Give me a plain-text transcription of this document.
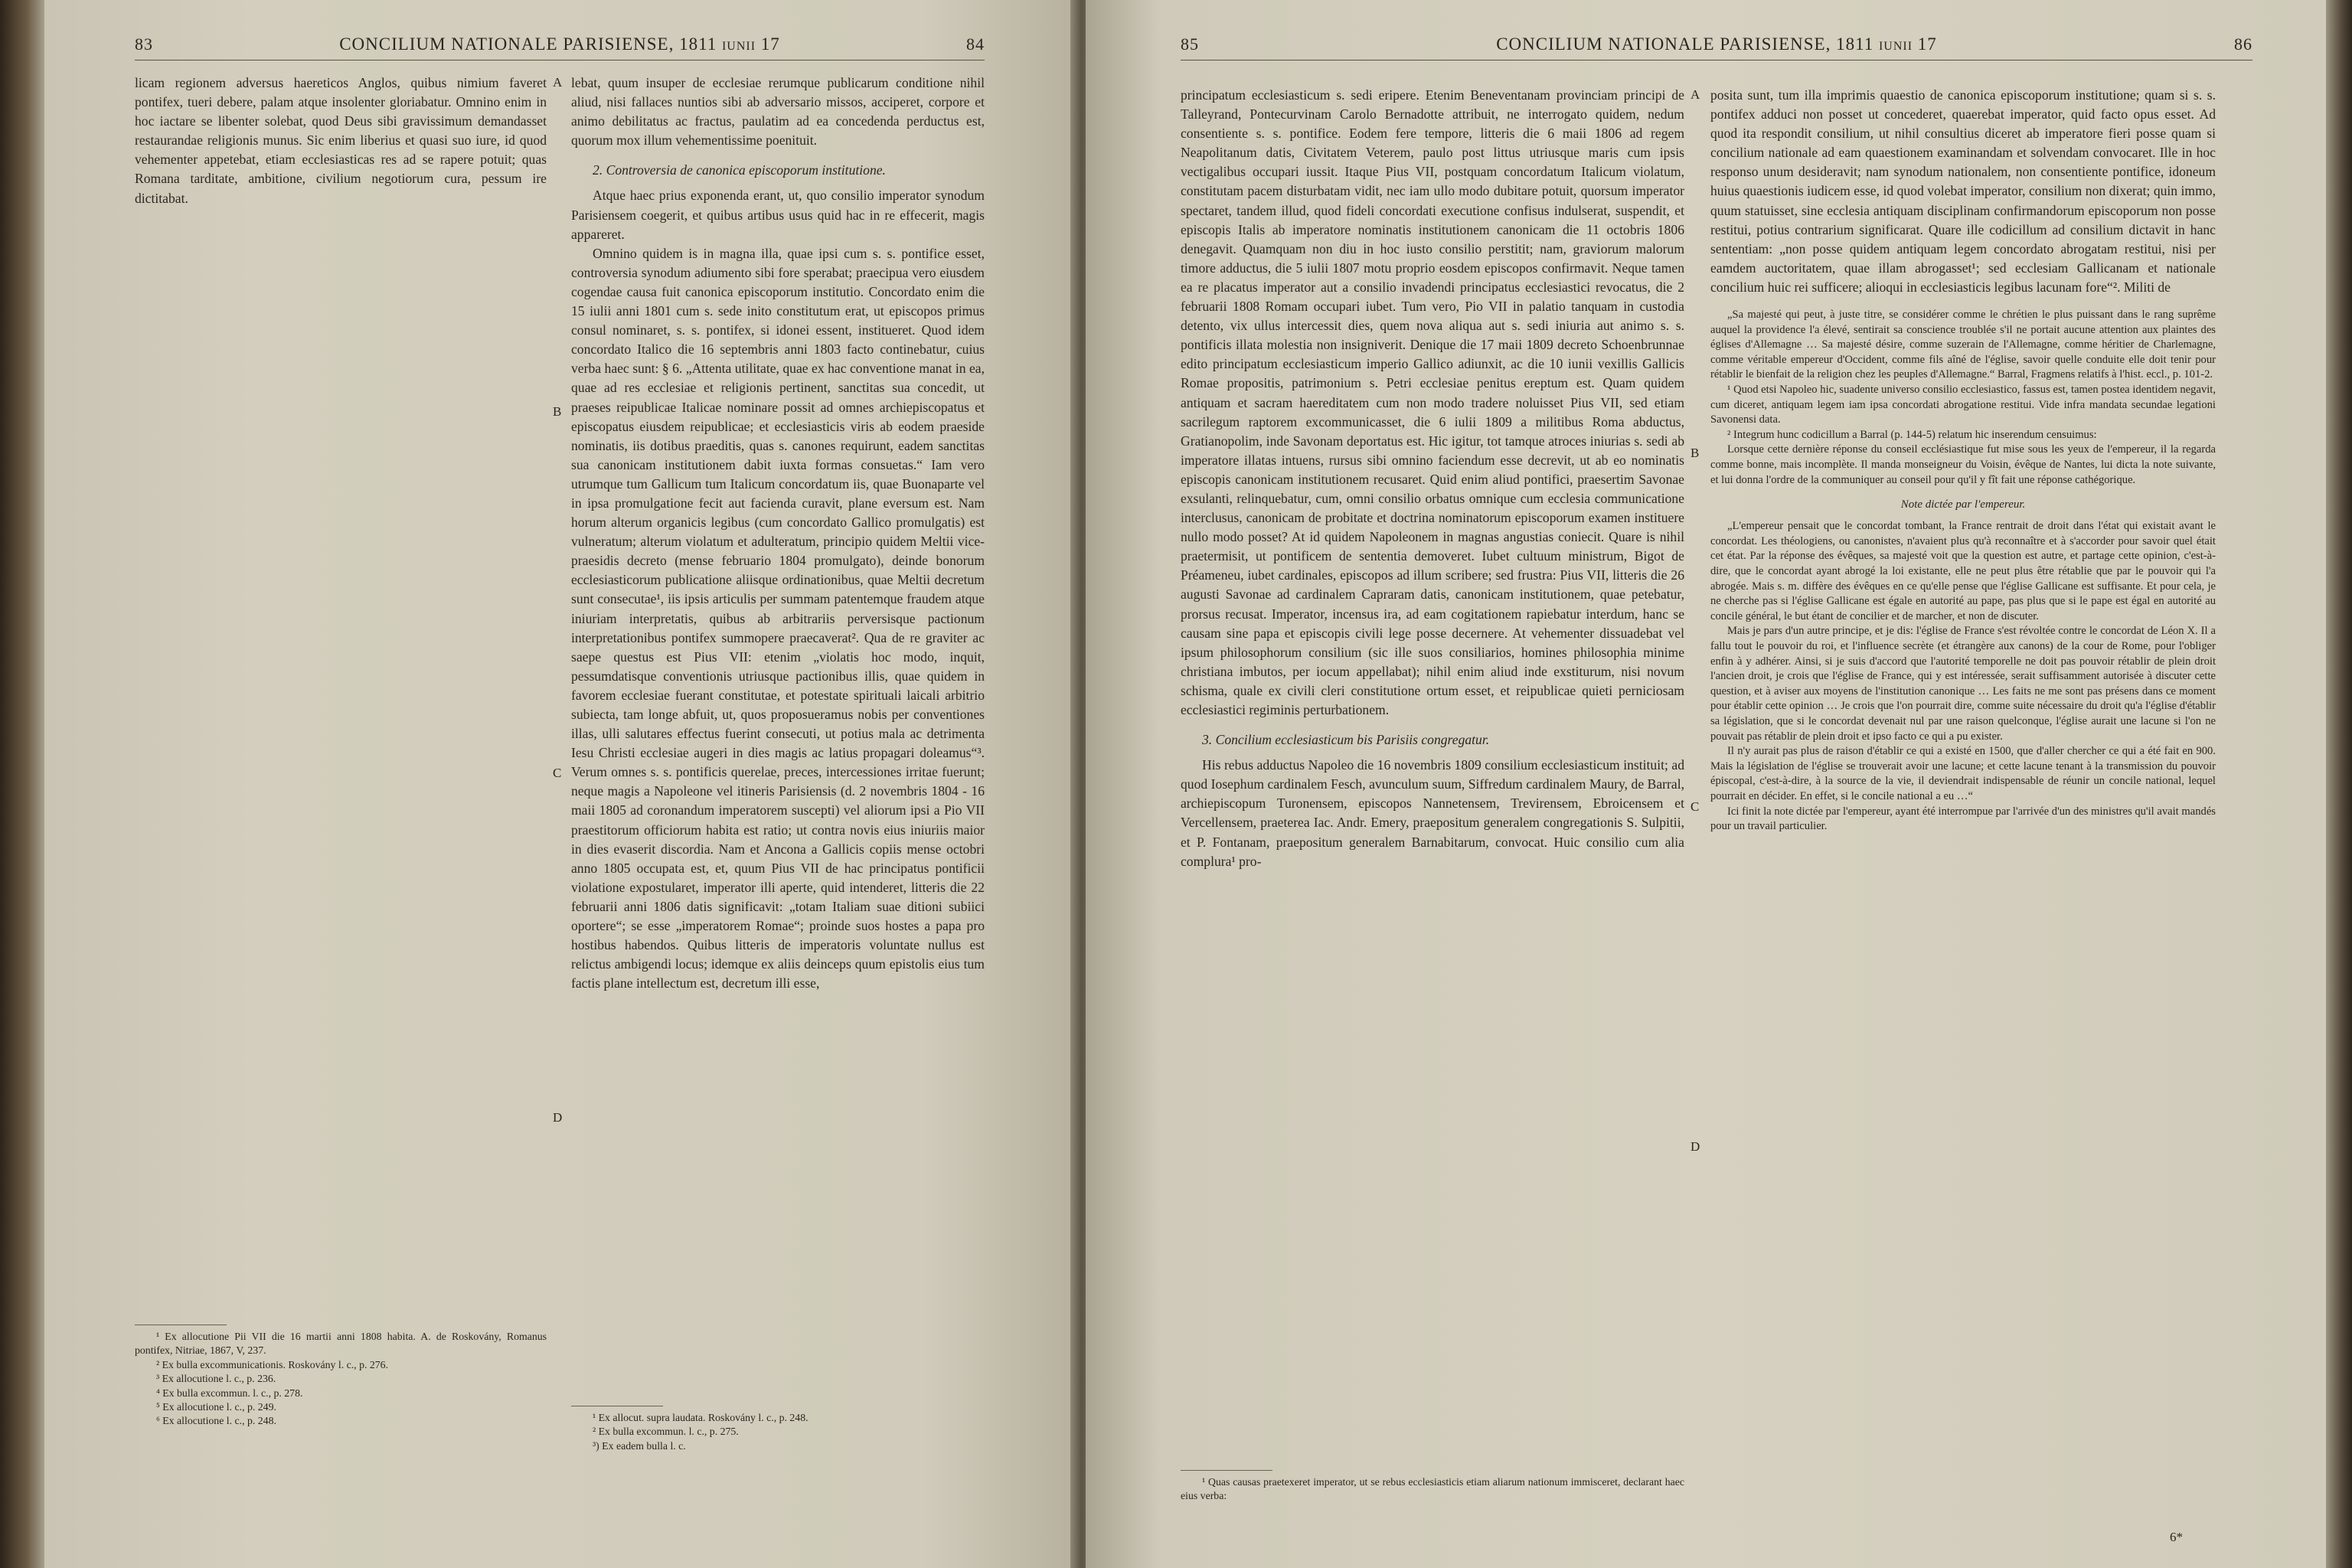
83	CONCILIUM NATIONALE PARISIENSE, 1811 iunii 17	84

licam regionem adversus haereticos Anglos, quibus nimium faveret pontifex, tueri debere, palam atque insolenter gloriabatur. Omnino enim in hoc iactare se libenter solebat, quod Deus sibi gravissimum demandasset restaurandae religionis munus. Sic enim liberius et quasi suo iure, id quod vehementer appetebat, etiam ecclesiasticas res ad se rapere potuit; quas Romana tarditate, ambitione, civilium negotiorum cura, pessum ire dictitabat.

¹ Ex allocutione Pii VII die 16 martii anni 1808 habita. A. de Roskovány, Romanus pontifex, Nitriae, 1867, V, 237.

² Ex bulla excommunicationis. Roskovány l. c., p. 276.

³ Ex allocutione l. c., p. 236.

⁴ Ex bulla excommun. l. c., p. 278.

⁵ Ex allocutione l. c., p. 249.

⁶ Ex allocutione l. c., p. 248.

A
B
C
D

lebat, quum insuper de ecclesiae rerumque publicarum conditione nihil aliud, nisi fallaces nuntios sibi ab adversario missos, acciperet, corpore et animo debilitatus ac fractus, paulatim ad ea concedenda perductus est, quorum mox illum vehementissime poenituit.

2. Controversia de canonica episcoporum institutione.

Atque haec prius exponenda erant, ut, quo consilio imperator synodum Parisiensem coegerit, et quibus artibus usus quid hac in re effecerit, magis appareret.

Omnino quidem is in magna illa, quae ipsi cum s. s. pontifice esset, controversia synodum adiumento sibi fore sperabat; praecipua vero eiusdem cogendae causa fuit canonica episcoporum institutio. Concordato enim die 15 iulii anni 1801 cum s. sede inito constitutum erat, ut episcopos primus consul nominaret, s. s. pontifex, si idonei essent, institueret. Quod idem concordato Italico die 16 septembris anni 1803 facto continebatur, cuius verba haec sunt: § 6. „Attenta utilitate, quae ex hac conventione manat in ea, quae ad res ecclesiae et religionis pertinent, sanctitas sua concedit, ut praeses reipublicae Italicae nominare possit ad omnes archiepiscopatus et episcopatus eiusdem reipublicae; et ecclesiasticis viris ab eodem praeside nominatis, iis dotibus praeditis, quas s. canones requirunt, eadem sanctitas sua canonicam institutionem dabit iuxta formas consuetas.“ Iam vero utrumque tum Gallicum tum Italicum concordatum iis, quae Buonaparte vel in ipsa promulgatione fecit aut facienda curavit, plane eversum est. Nam horum alterum organicis legibus (cum concordato Gallico promulgatis) est vulneratum; alterum violatum et adulteratum, principio quidem Meltii vice-praesidis decreto (mense februario 1804 promulgato), deinde bonorum ecclesiasticorum publicatione aliisque ordinationibus, quae Meltii decretum sunt consecutae¹, iis ipsis articulis per summam patentemque fraudem atque iniuriam interpretatis, quibus ab arbitrariis perversisque pactionum interpretationibus pontifex summopere praecaverat². Qua de re graviter ac saepe questus est Pius VII: etenim „violatis hoc modo, inquit, pessumdatisque conventionis utriusque pactionibus illis, quae quidem in favorem ecclesiae fuerant constitutae, et potestate spirituali laicali arbitrio subiecta, tam longe abfuit, ut, quos proposueramus nobis per conventiones illas, ulli salutares effectus fuerint consecuti, ut potius mala ac detrimenta Iesu Christi ecclesiae augeri in dies magis ac latius propagari doleamus“³. Verum omnes s. s. pontificis querelae, preces, intercessiones irritae fuerunt; neque magis a Napoleone vel itineris Parisiensis (d. 2 novembris 1804 - 16 maii 1805 ad coronandum imperatorem suscepti) vel aliorum ipsi a Pio VII praestitorum officiorum habita est ratio; ut contra novis eius iniuriis maior in dies evaserit discordia. Nam et Ancona a Gallicis copiis mense octobri anno 1805 occupata est, et, quum Pius VII de hac principatus pontificii violatione expostularet, imperator illi aperte, quid intenderet, litteris die 22 februarii anni 1806 datis significavit: „totam Italiam suae ditioni subiici oportere“; se esse „imperatorem Romae“; proinde suos hostes a papa pro hostibus habendos. Quibus litteris de imperatoris voluntate nullus est relictus ambigendi locus; idemque ex aliis deinceps quum epistolis eius tum factis plane intellectum est, decretum illi esse,

¹ Ex allocut. supra laudata. Roskovány l. c., p. 248.

² Ex bulla excommun. l. c., p. 275.

³) Ex eadem bulla l. c.

85	CONCILIUM NATIONALE PARISIENSE, 1811 iunii 17	86

principatum ecclesiasticum s. sedi eripere. Etenim Beneventanam provinciam principi de Talleyrand, Pontecurvinam Carolo Bernadotte attribuit, ne interrogato quidem, nedum consentiente s. s. pontifice. Eodem fere tempore, litteris die 6 maii 1806 ad regem Neapolitanum datis, Civitatem Veterem, paulo post littus utriusque maris cum ipsis vectigalibus occupari iussit. Itaque Pius VII, postquam concordatum Italicum violatum, constitutam pacem disturbatam vidit, nec iam ullo modo dubitare potuit, quorsum imperator spectaret, tandem illud, quod fideli concordati executione confisus indulserat, suspendit, et episcopis Italis ab imperatore nominatis institutionem canonicam die 11 octobris 1806 denegavit. Quamquam non diu in hoc iusto consilio perstitit; nam, graviorum malorum timore adductus, die 5 iulii 1807 motu proprio eosdem episcopos confirmavit. Neque tamen ea re placatus imperator aut a consilio invadendi principatus ecclesiastici revocatus, die 2 februarii 1808 Romam occupari iubet. Tum vero, Pio VII in palatio tanquam in custodia detento, vix ullus intercessit dies, quem nova aliqua aut s. sedi iniuria aut animo s. s. pontificis illata molestia non insigniverit. Denique die 17 maii 1809 decreto Schoenbrunnae edito principatum ecclesiasticum imperio Gallico adiunxit, ac die 10 iunii vexillis Gallicis Romae propositis, patrimonium s. Petri ecclesiae penitus ereptum est. Quam quidem antiquam et sacram haereditatem cum non modo tradere noluisset Pius VII, sed etiam sacrilegum raptorem excommunicasset, die 6 iulii 1809 a militibus Roma abductus, Gratianopolim, inde Savonam deportatus est. Hic igitur, tot tamque atroces iniurias s. sedi ab imperatore illatas intuens, rursus sibi omnino faciendum esse decrevit, ut ab eo nominatis episcopis canonicam institutionem recusaret. Quid enim aliud pontifici, praesertim Savonae exsulanti, relinquebatur, cum, omni consilio orbatus omnique cum ecclesia communicatione interclusus, canonicam de probitate et doctrina nominatorum episcoporum examen instituere nullo modo posset? At id quidem Napoleonem in magnas angustias coniecit. Quare is nihil praetermisit, ut pontificem de sententia demoveret. Iubet cultuum ministrum, Bigot de Préameneu, iubet cardinales, episcopos ad illum scribere; sed frustra: Pius VII, litteris die 26 augusti Savonae ad cardinalem Capraram datis, canonicam institutionem, quae petebatur, prorsus recusat. Imperator, incensus ira, ad eam cogitationem rapiebatur interdum, hanc se causam sine papa et episcopis civili lege posse decernere. At vehementer dissuadebat vel ipsum philosophorum consilium (sic ille suos consiliarios, homines philosophia minime christiana imbutos, per iocum appellabat); nihil enim aliud inde exstiturum, nisi novum schisma, quale ex civili cleri constitutione ortum esset, et reipublicae quieti perniciosam ecclesiastici regiminis perturbationem.

3. Concilium ecclesiasticum bis Parisiis congregatur.

His rebus adductus Napoleo die 16 novembris 1809 consilium ecclesiasticum instituit; ad quod Iosephum cardinalem Fesch, avunculum suum, Siffredum cardinalem Maury, de Barral, archiepiscopum Turonensem, episcopos Nannetensem, Trevirensem, Ebroicensem et Vercellensem, praeterea Iac. Andr. Emery, praepositum generalem congregationis S. Sulpitii, et P. Fontanam, praepositum generalem Barnabitarum, convocat. Huic consilio cum alia complura¹ pro-

¹ Quas causas praetexeret imperator, ut se rebus ecclesiasticis etiam aliarum nationum immisceret, declarant haec eius verba:

A
B
C
D

posita sunt, tum illa imprimis quaestio de canonica episcoporum institutione; quam si s. s. pontifex adduci non posset ut concederet, quaerebat imperator, quid facto opus esset. Ad quod ita respondit consilium, ut nihil consultius diceret ab imperatore fieri posse quam si concilium nationale ad eam quaestionem examinandam et solvendam convocaret. Ille in hoc responso unum desideravit; nam synodum nationalem, non consentiente pontifice, idoneum huius quaestionis iudicem esse, id quod volebat imperator, consilium non dixerat; quin immo, quum statuisset, sine ecclesia antiquam disciplinam confirmandorum episcoporum non posse restitui, potius contrarium significarat. Quare ille codicillum ad consilium dictavit in hanc sententiam: „non posse quidem antiquam legem concordato abrogatam restitui, nisi per eamdem auctoritatem, quae illam abrogasset¹; sed ecclesiam Gallicanam et nationale concilium huic rei sufficere; alioqui in ecclesiasticis legibus lacunam fore“². Militi de

„Sa majesté qui peut, à juste titre, se considérer comme le chrétien le plus puissant dans le rang suprême auquel la providence l'a élevé, sentirait sa conscience troublée s'il ne portait aucune attention aux plaintes des églises d'Allemagne … Sa majesté désire, comme suzerain de l'Allemagne, comme héritier de Charlemagne, comme véritable empereur d'Occident, comme fils aîné de l'église, savoir quelle conduite elle doit tenir pour rétablir le bienfait de la religion chez les peuples d'Allemagne.“ Barral, Fragmens relatifs à l'hist. eccl., p. 101-2.

¹ Quod etsi Napoleo hic, suadente universo consilio ecclesiastico, fassus est, tamen postea identidem negavit, cum diceret, antiquam legem iam ipsa concordati abrogatione restitui. Vide infra mandata secundae legationi Savonensi data.

² Integrum hunc codicillum a Barral (p. 144-5) relatum hic inserendum censuimus:

Lorsque cette dernière réponse du conseil ecclésiastique fut mise sous les yeux de l'empereur, il la regarda comme bonne, mais incomplète. Il manda monseigneur du Voisin, évêque de Nantes, lui dicta la note suivante, et lui donna l'ordre de la communiquer au conseil pour qu'il y fît fait une réponse cathégorique.

Note dictée par l'empereur.

„L'empereur pensait que le concordat tombant, la France rentrait de droit dans l'état qui existait avant le concordat. Les théologiens, ou canonistes, n'avaient plus qu'à reconnaître et à s'accorder pour savoir quel était cet état. Par la réponse des évêques, sa majesté voit que la question est autre, et partage cette opinion, c'est-à-dire, que le concordat ayant abrogé la loi existante, elle ne peut plus être rétablie que par le pouvoir qui l'a abrogée. Mais s. m. diffère des évêques en ce qu'elle pense que l'église Gallicane est suffisante. Et pour cela, je ne cherche pas si l'église Gallicane est égale en autorité au pape, pas plus que si le pape est égal en autorité au concile général, le but étant de concilier et de marcher, et non de discuter.

Mais je pars d'un autre principe, et je dis: l'église de France s'est révoltée contre le concordat de Léon X. Il a fallu tout le pouvoir du roi, et l'influence secrète (et étrangère aux canons) de la cour de Rome, pour l'obliger enfin à y adhérer. Ainsi, si je suis d'accord que l'autorité temporelle ne doit pas pouvoir rétablir de plein droit l'ancien droit, je crois que l'église de France, qui y est intéressée, serait suffisamment autorisée à discuter cette question, et à aviser aux moyens de l'institution canonique … Les faits ne me sont pas présens dans ce moment pour établir cette opinion … Je crois que l'on pourrait dire, comme suite nécessaire du droit qu'a l'église d'établir sa législation, que si le concordat devenait nul par une raison quelconque, l'église aurait une lacune si l'on ne pouvait pas rétablir de plein droit et ipso facto ce qui a pu exister.

Il n'y aurait pas plus de raison d'établir ce qui a existé en 1500, que d'aller chercher ce qui a été fait en 900. Mais la législation de l'église se trouverait avoir une lacune; et cette lacune tenant à la transmission du pouvoir épiscopal, c'est-à-dire, à la source de la vie, il deviendrait indispensable de réunir un concile national, lequel pourrait en décider. En effet, si le concile national a eu …“

Ici finit la note dictée par l'empereur, ayant été interrompue par l'arrivée d'un des ministres qu'il avait mandés pour un travail particulier.

6*
